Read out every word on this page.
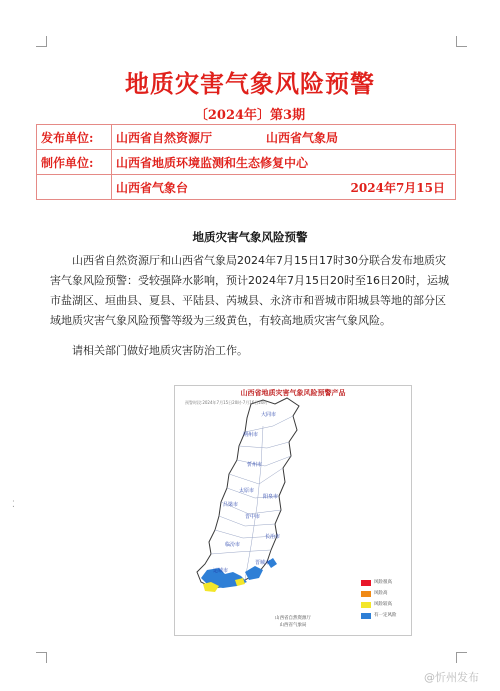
⁚
地质灾害气象风险预警
〔2024年〕第3期
发布单位:	山西省自然资源厅 山西省气象局
制作单位:	山西省地质环境监测和生态修复中心
	山西省气象台 2024年7月15日
地质灾害气象风险预警

山西省自然资源厅和山西省气象局2024年7月15日17时30分联合发布地质灾害气象风险预警：受较强降水影响，预计2024年7月15日20时至16日20时，运城市盐湖区、垣曲县、夏县、平陆县、芮城县、永济市和晋城市阳城县等地的部分区域地质灾害气象风险预警等级为三级黄色，有较高地质灾害气象风险。

请相关部门做好地质灾害防治工作。

大同市
朔州市
忻州市
太原市
吕梁市
阳泉市
晋中市
长治市
临汾市
晋城市
运城市
山西省地质灾害气象风险预警产品
预警时段:2024年7月15日20时-7月16日20时
风险很高
风险高
风险较高
有一定风险
山西省自然资源厅
山西省气象局
@忻州发布
